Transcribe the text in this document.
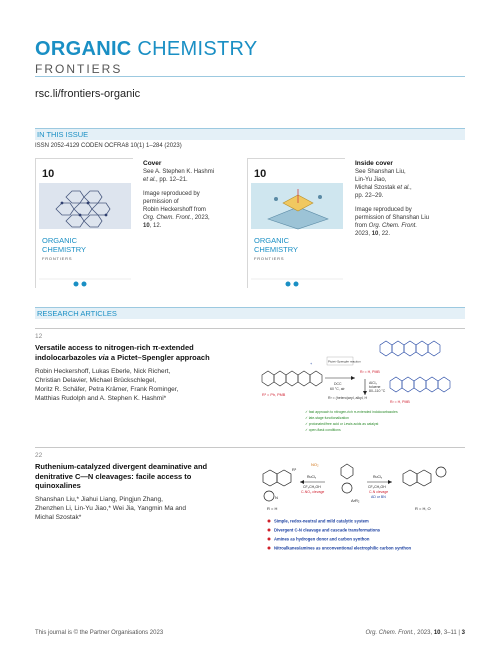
ORGANIC CHEMISTRY
FRONTIERS
rsc.li/frontiers-organic
IN THIS ISSUE
ISSN 2052-4129 CODEN OCFRA8 10(1) 1–284 (2023)
10
ORGANIC
CHEMISTRY
FRONTIERS
Cover
See A. Stephen K. Hashmi
et al., pp. 12–21.
Image reproduced by
permission of
Robin Heckershoff from
Org. Chem. Front., 2023,
10, 12.
10
ORGANIC
CHEMISTRY
FRONTIERS
Inside cover
See Shanshan Liu,
Lin-Yu Jiao,
Michal Szostak et al.,
pp. 22–29.
Image reproduced by
permission of Shanshan Liu
from Org. Chem. Front.
2023, 10, 22.
RESEARCH ARTICLES
12
Versatile access to nitrogen-rich π-extended
indolocarbazoles via a Pictet–Spengler approach
Robin Heckershoff, Lukas Eberle, Nick Richert,
Christian Delavier, Michael Brückschlegel,
Moritz R. Schäfer, Petra Krämer, Frank Rominger,
Matthias Rudolph and A. Stephen K. Hashmi*	R¹ = Ph, PMB
+
Pictet–Spengler reaction
DCC
60 °C, air
R³ = (hetero)aryl, alkyl, H
R² = H, PMB
AlCl₃
toluene
80–110 °C
R² = H, PMB
✓ fast approach to nitrogen-rich π-extended indolocarbazoles
✓ late-stage functionalization
✓ protonated/free acid or Lewis acids as catalyst
✓ open-flask conditions
22
Ruthenium-catalyzed divergent deaminative and
denitrative C—N cleavages: facile access to
quinoxalines
Shanshan Liu,* Jiahui Liang, Pingjun Zhang,
Zhenzhen Li, Lin-Yu Jiao,* Wei Jia, Yangmin Ma and
Michal Szostak*
N
R¹
R = H
NO₂
RuCl₃
CF₃CH₂OH
C-NO₂ clevage
ArR₂
RuCl₃
CF₃CH₂OH
C-N clevage
AD or BN
R = H, O
Simple, redox-neutral and mild catalytic system
Divergent C-N cleavage and cascade transformations
Amines as hydrogen donor and carbon synthon
Nitroalkanes/amines as unconventional electrophilic carbon synthon
This journal is © the Partner Organisations 2023	Org. Chem. Front., 2023, 10, 3–11 | 3
